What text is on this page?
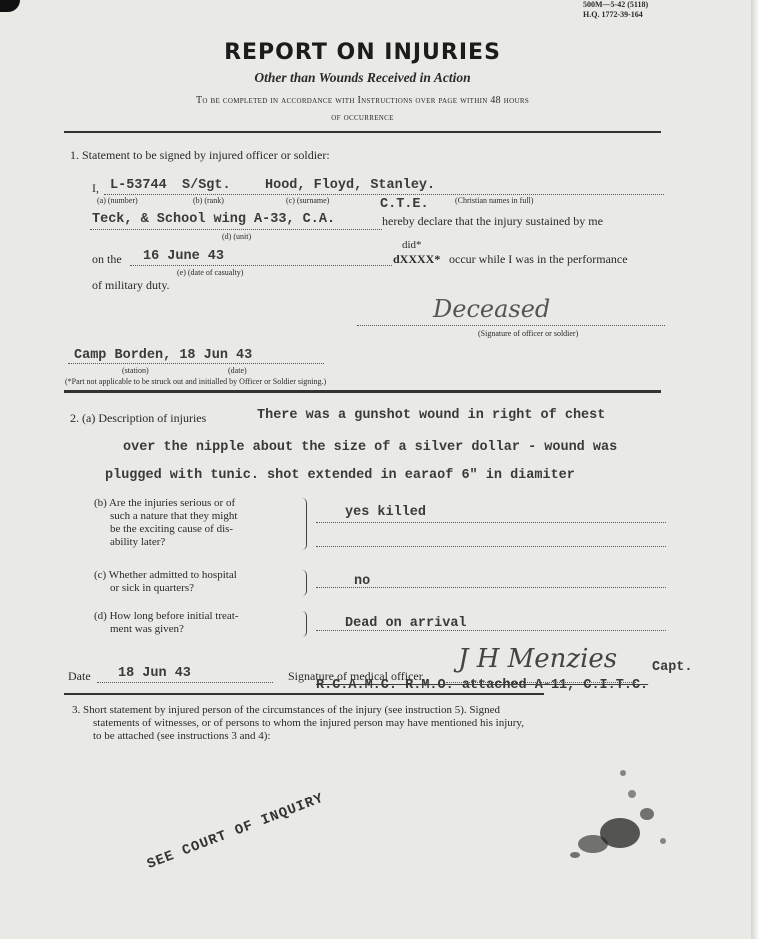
500M—5-42 (5118)
H.Q. 1772-39-164
REPORT ON INJURIES
Other than Wounds Received in Action
To be completed in accordance with Instructions over page within 48 hours
of occurrence
1. Statement to be signed by injured officer or soldier:
I, L-53744 S/Sgt.	Hood, Floyd, Stanley.
(a) (number)	(b) (rank)	(c) (surname)	(Christian names in full)
C.T.E.
Teck, & School wing A-33, C.A.	hereby declare that the injury sustained by me
(d) (unit)
did*
on the 16 June 43	dXXXX* occur while I was in the performance
(e) (date of casualty)
of military duty.
Deceased
(Signature of officer or soldier)
Camp Borden, 18 Jun 43
(station)	(date)
(*Part not applicable to be struck out and initialled by Officer or Soldier signing.)
2. (a) Description of injuries	There was a gunshot wound in right of chest
over the nipple about the size of a silver dollar - wound was
plugged with tunic. shot extended in earaof 6" in diamiter
(b) Are the injuries serious or of
such a nature that they might
be the exciting cause of dis-
ability later?
yes killed
(c) Whether admitted to hospital
or sick in quarters?	no
(d) How long before initial treat-
ment was given?	Dead on arrival
Date 18 Jun 43	Signature of medical officer
J H Menzies	Capt.
R.C.A.M.C. R.M.O. attached A-11, C.I.T.C.
3. Short statement by injured person of the circumstances of the injury (see instruction 5). Signed
statements of witnesses, or of persons to whom the injured person may have mentioned his injury,
to be attached (see instructions 3 and 4):
SEE COURT OF INQUIRY
